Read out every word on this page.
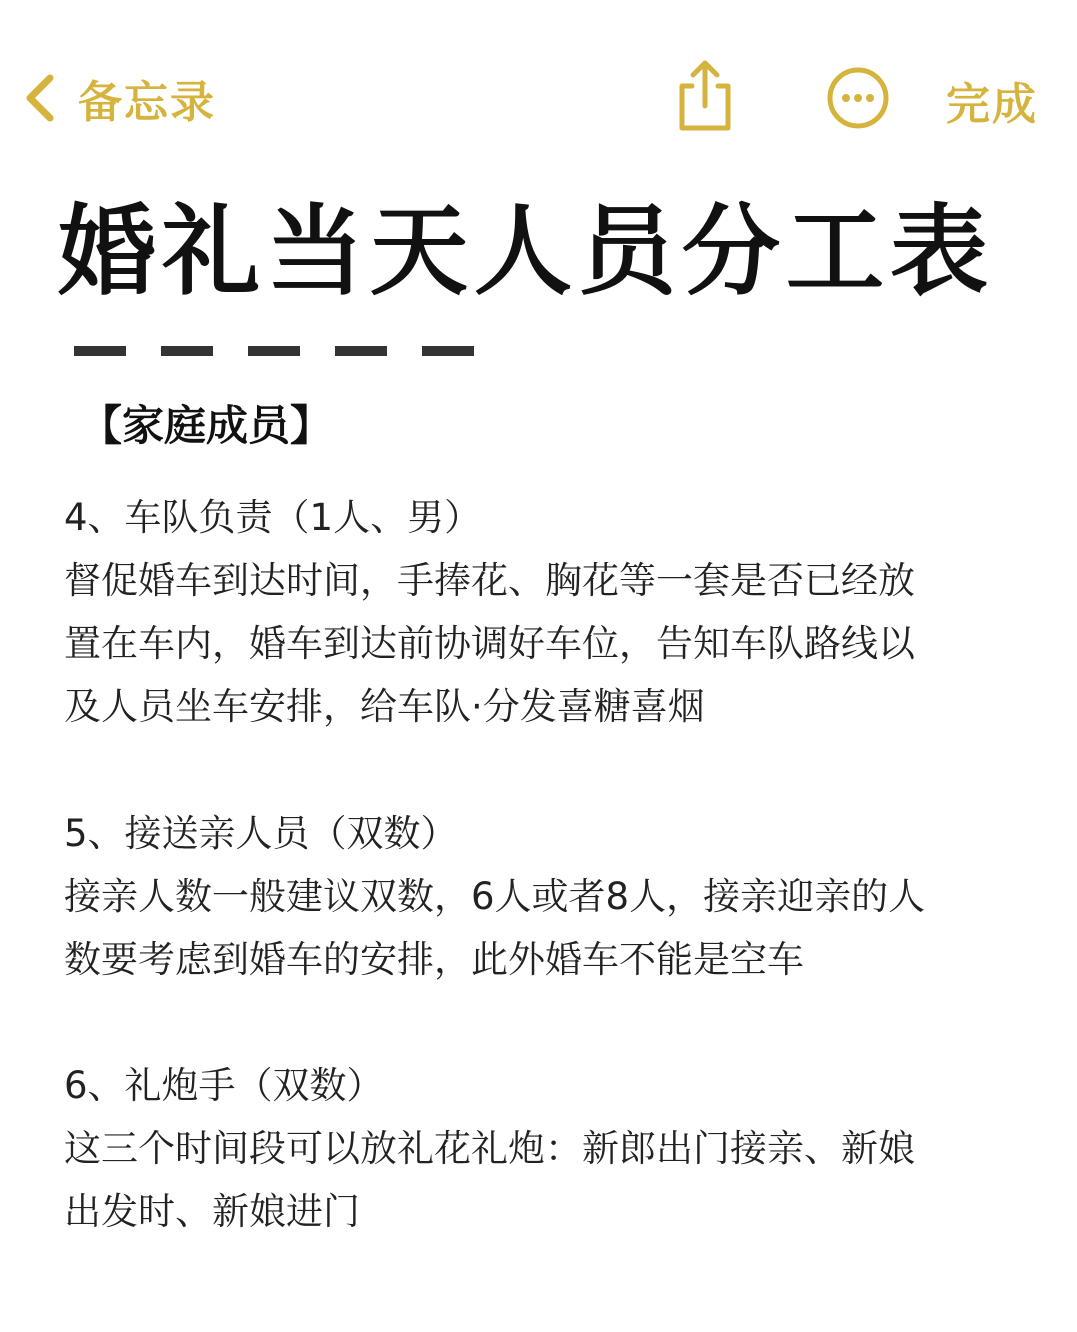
备忘录	完成
婚礼当天人员分工表
【家庭成员】
4、车队负责（1人、男）
督促婚车到达时间，手捧花、胸花等一套是否已经放
置在车内，婚车到达前协调好车位，告知车队路线以
及人员坐车安排，给车队·分发喜糖喜烟
5、接送亲人员（双数）
接亲人数一般建议双数，6人或者8人，接亲迎亲的人
数要考虑到婚车的安排，此外婚车不能是空车
6、礼炮手（双数）
这三个时间段可以放礼花礼炮：新郎出门接亲、新娘
出发时、新娘进门
